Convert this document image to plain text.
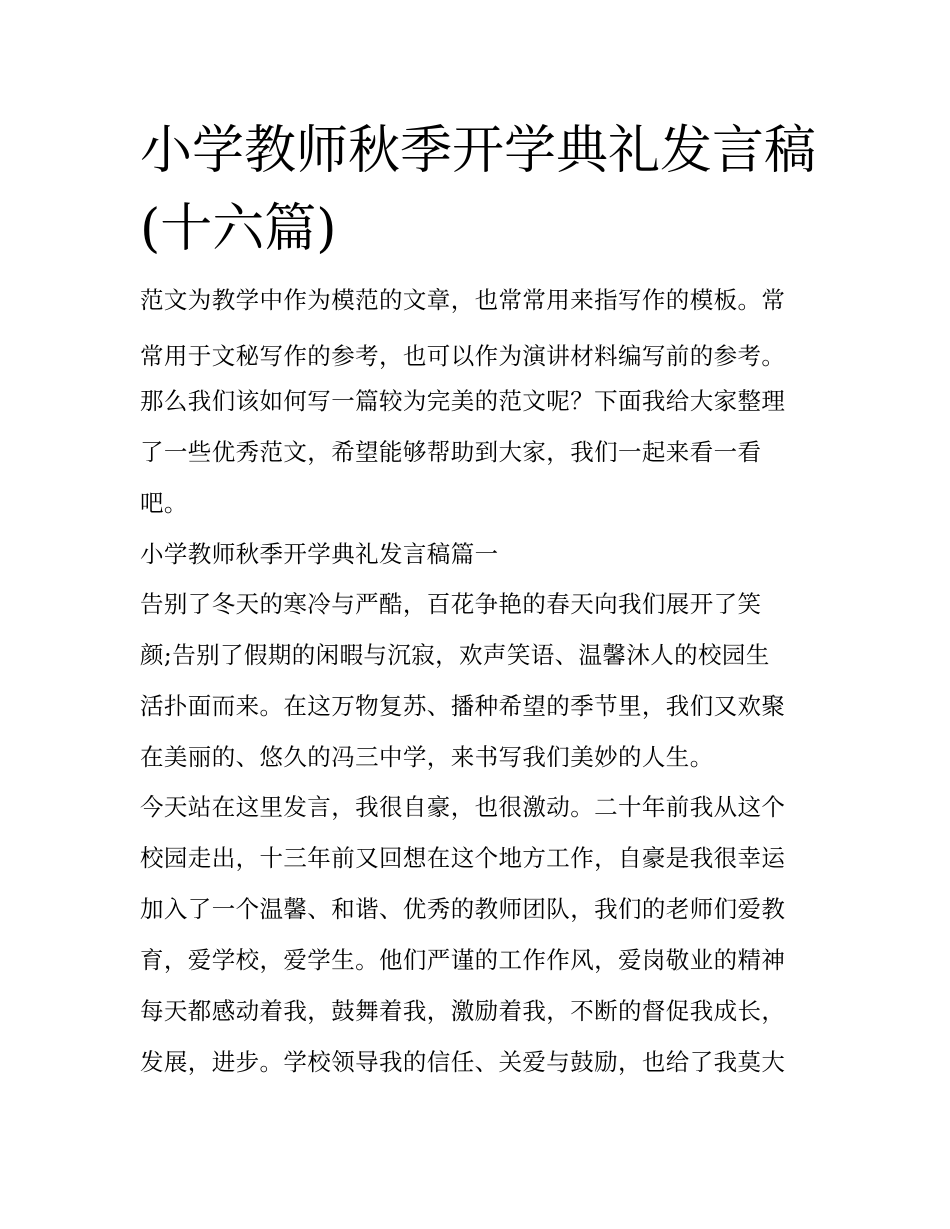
小学教师秋季开学典礼发言稿
(十六篇)
范文为教学中作为模范的文章，也常常用来指写作的模板。常
常用于文秘写作的参考，也可以作为演讲材料编写前的参考。
那么我们该如何写一篇较为完美的范文呢？下面我给大家整理
了一些优秀范文，希望能够帮助到大家，我们一起来看一看
吧。
小学教师秋季开学典礼发言稿篇一
告别了冬天的寒冷与严酷，百花争艳的春天向我们展开了笑
颜;告别了假期的闲暇与沉寂，欢声笑语、温馨沐人的校园生
活扑面而来。在这万物复苏、播种希望的季节里，我们又欢聚
在美丽的、悠久的冯三中学，来书写我们美妙的人生。
今天站在这里发言，我很自豪，也很激动。二十年前我从这个
校园走出，十三年前又回想在这个地方工作，自豪是我很幸运
加入了一个温馨、和谐、优秀的教师团队，我们的老师们爱教
育，爱学校，爱学生。他们严谨的工作作风，爱岗敬业的精神
每天都感动着我，鼓舞着我，激励着我，不断的督促我成长，
发展，进步。学校领导我的信任、关爱与鼓励，也给了我莫大
